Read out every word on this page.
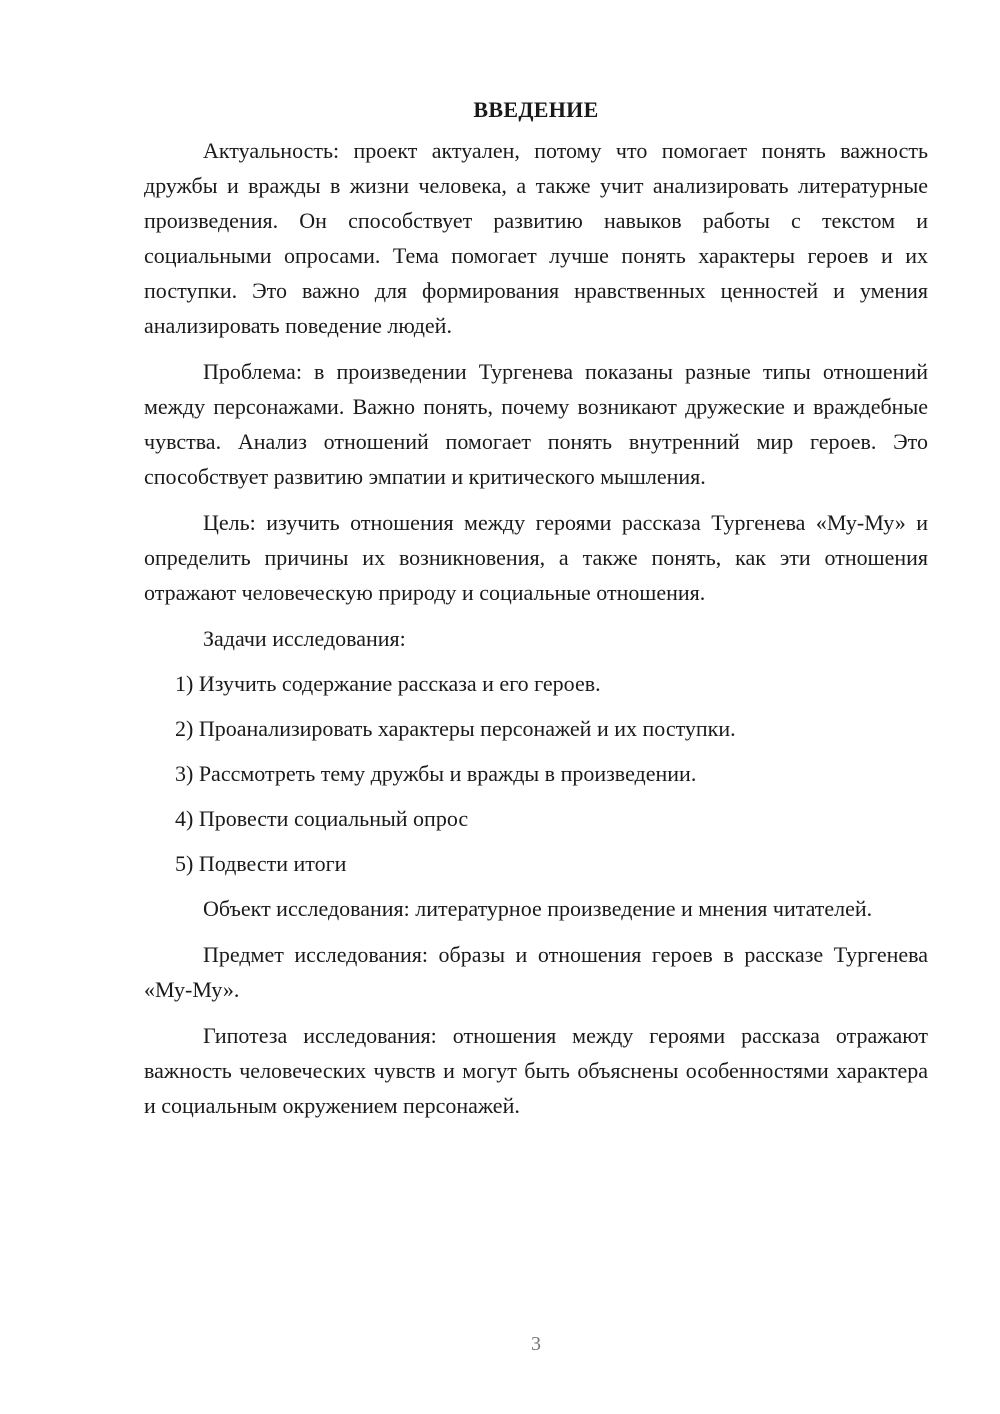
ВВЕДЕНИЕ

Актуальность: проект актуален, потому что помогает понять важность дружбы и вражды в жизни человека, а также учит анализировать литературные произведения. Он способствует развитию навыков работы с текстом и социальными опросами. Тема помогает лучше понять характеры героев и их поступки. Это важно для формирования нравственных ценностей и умения анализировать поведение людей.

Проблема: в произведении Тургенева показаны разные типы отношений между персонажами. Важно понять, почему возникают дружеские и враждебные чувства. Анализ отношений помогает понять внутренний мир героев. Это способствует развитию эмпатии и критического мышления.

Цель: изучить отношения между героями рассказа Тургенева «Му-Му» и определить причины их возникновения, а также понять, как эти отношения отражают человеческую природу и социальные отношения.

Задачи исследования:

1) Изучить содержание рассказа и его героев.
2) Проанализировать характеры персонажей и их поступки.
3) Рассмотреть тему дружбы и вражды в произведении.
4) Провести социальный опрос
5) Подвести итоги

Объект исследования: литературное произведение и мнения читателей.

Предмет исследования: образы и отношения героев в рассказе Тургенева «Му-Му».

Гипотеза исследования: отношения между героями рассказа отражают важность человеческих чувств и могут быть объяснены особенностями характера и социальным окружением персонажей.

3
